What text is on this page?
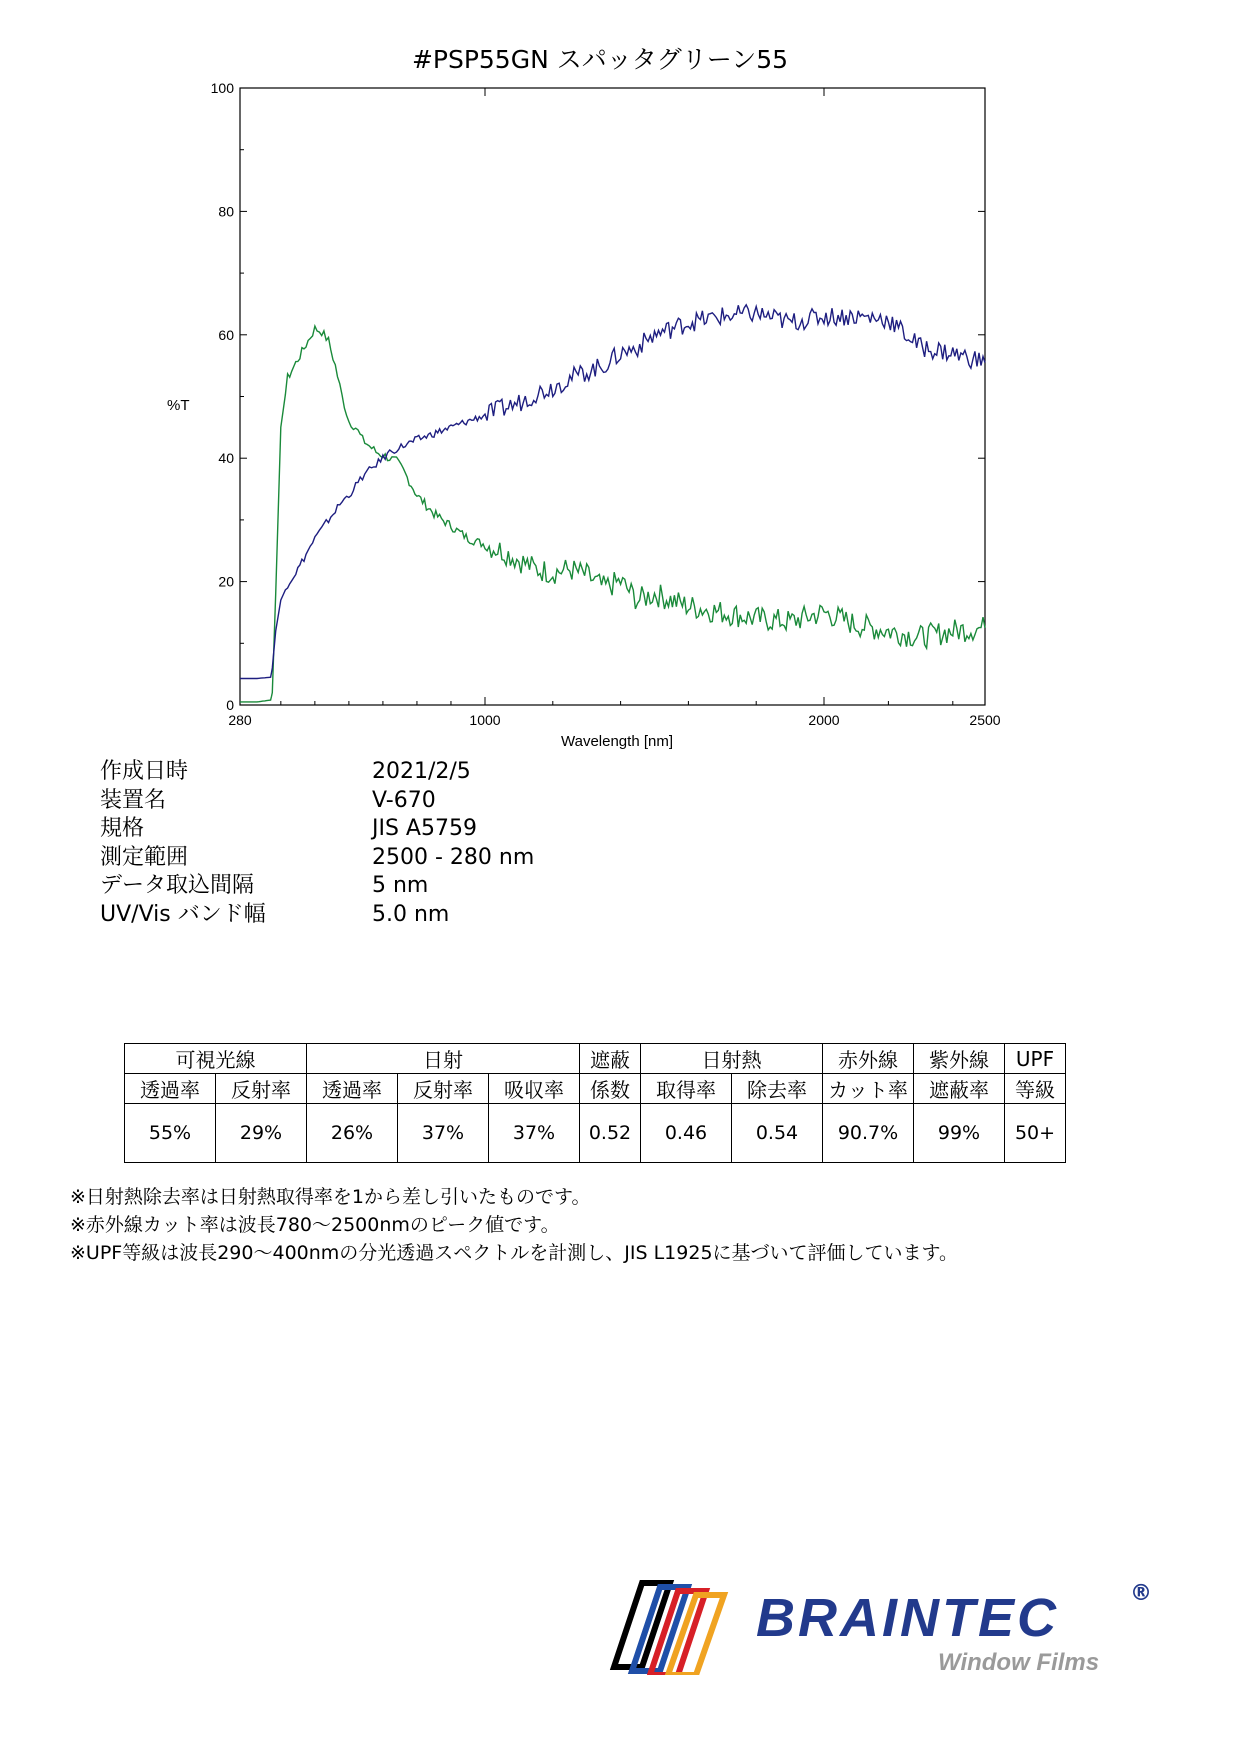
#PSP55GN スパッタグリーン55
0
20
40
60
80
100
280	1000	2000	2500
%T
Wavelength [nm]
作成日時	2021/2/5
装置名	V-670
規格	JIS A5759
測定範囲	2500 - 280 nm
データ取込間隔	5 nm
UV/Vis バンド幅	5.0 nm
可視光線		日射			遮蔽	日射熱		赤外線	紫外線	UPF
透過率	反射率	透過率	反射率	吸収率	係数	取得率	除去率	カット率	遮蔽率	等級
55%	29%	26%	37%	37%	0.52	0.46	0.54	90.7%	99%	50+
※日射熱除去率は日射熱取得率を1から差し引いたものです。
※赤外線カット率は波長780～2500nmのピーク値です。
※UPF等級は波長290～400nmの分光透過スペクトルを計測し、JIS L1925に基づいて評価しています。
BRAINTEC	®
Window Films
